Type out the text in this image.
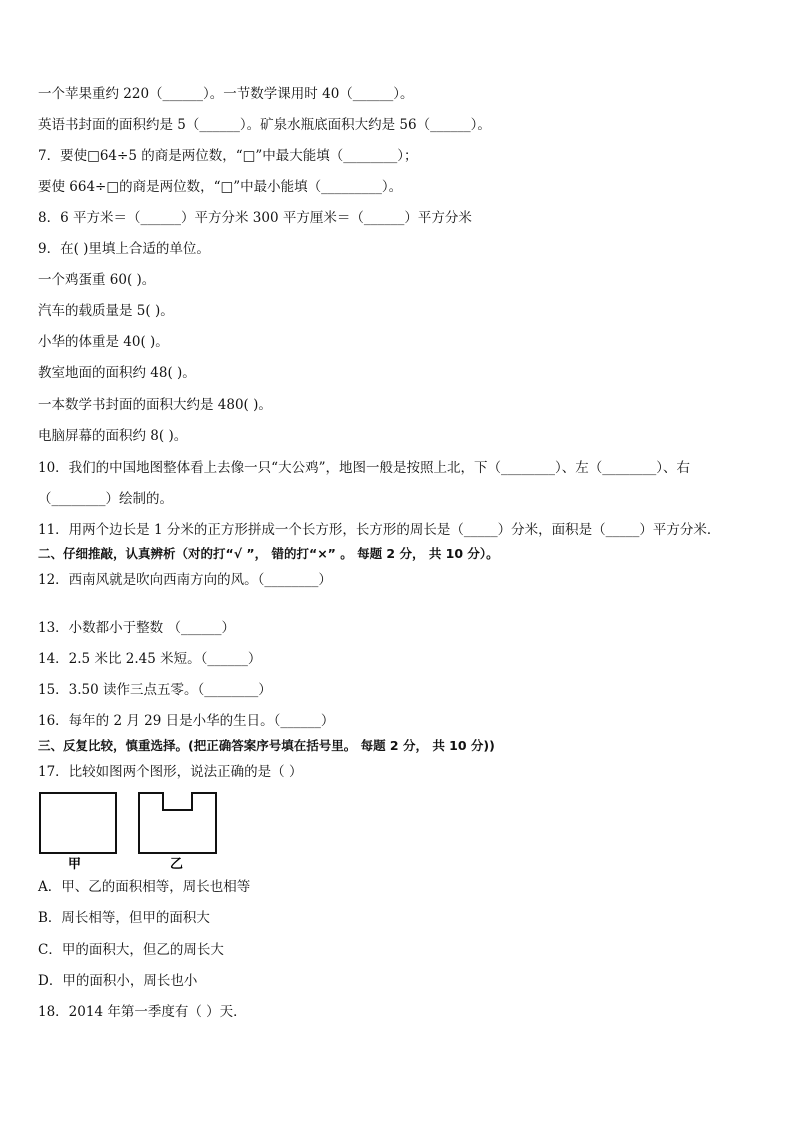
一个苹果重约 220（______）。一节数学课用时 40（______）。
英语书封面的面积约是 5（______）。矿泉水瓶底面积大约是 56（______）。
7．要使□64÷5 的商是两位数，“□”中最大能填（________）；
要使 664÷□的商是两位数，“□”中最小能填（_________）。
8．6 平方米＝（______）平方分米 300 平方厘米＝（______）平方分米
9．在( )里填上合适的单位。
一个鸡蛋重 60( )。
汽车的载质量是 5( )。
小华的体重是 40( )。
教室地面的面积约 48( )。
一本数学书封面的面积大约是 480( )。
电脑屏幕的面积约 8( )。
10．我们的中国地图整体看上去像一只“大公鸡”，地图一般是按照上北，下（________）、左（________）、右
（________）绘制的。
11．用两个边长是 1 分米的正方形拼成一个长方形，长方形的周长是（_____）分米，面积是（_____）平方分米．
二、仔细推敲，认真辨析（对的打“√ ”， 错的打“×” 。 每题 2 分， 共 10 分）。
12．西南风就是吹向西南方向的风。（________）
13．小数都小于整数 （______）
14．2.5 米比 2.45 米短。（______）
15．3.50 读作三点五零。（________）
16．每年的 2 月 29 日是小华的生日。（______）
三、反复比较，慎重选择。(把正确答案序号填在括号里。 每题 2 分， 共 10 分))
17．比较如图两个图形，说法正确的是（ ）
A．甲、乙的面积相等，周长也相等
B．周长相等，但甲的面积大
C．甲的面积大，但乙的周长大
D．甲的面积小，周长也小
18．2014 年第一季度有（ ）天．
甲	乙
